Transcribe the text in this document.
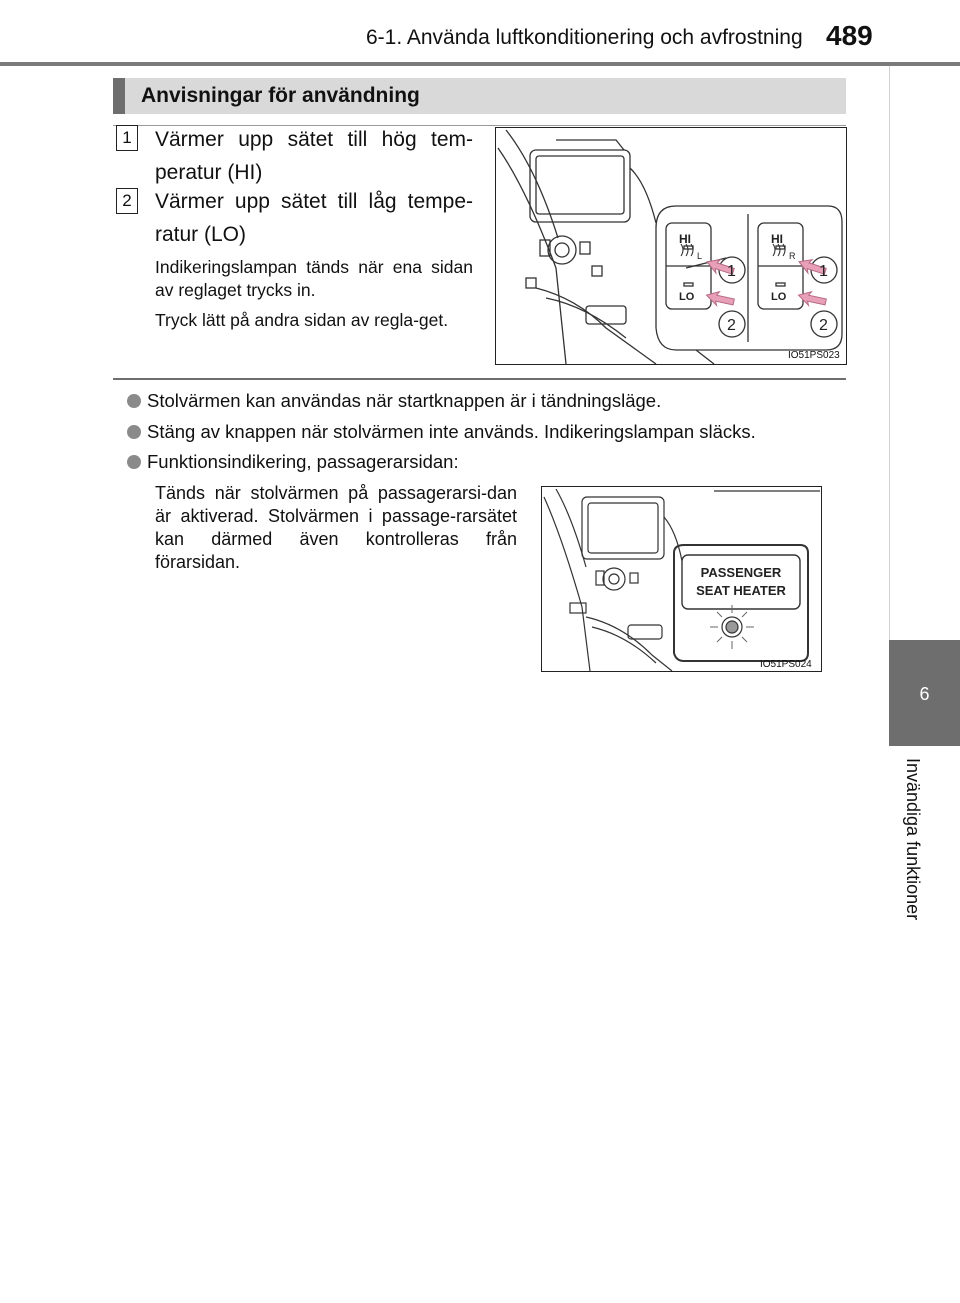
6-1. Använda luftkonditionering och avfrostning 489
6
Invändiga funktioner
Anvisningar för användning
1 Värmer upp sätet till hög tem-
peratur (HI)
2 Värmer upp sätet till låg tempe-
ratur (LO)
Indikeringslampan tänds när ena sidan av reglaget trycks in.
Tryck lätt på andra sidan av regla-get.
HI
LO
L
HI
LO
R
1
2
1
2
IO51PS023
Stolvärmen kan användas när startknappen är i tändningsläge.
Stäng av knappen när stolvärmen inte används. Indikeringslampan släcks.
Funktionsindikering, passagerarsidan:
Tänds när stolvärmen på passagerarsi-dan är aktiverad. Stolvärmen i passage-rarsätet kan därmed även kontrolleras från förarsidan.
PASSENGER
SEAT HEATER
IO51PS024
